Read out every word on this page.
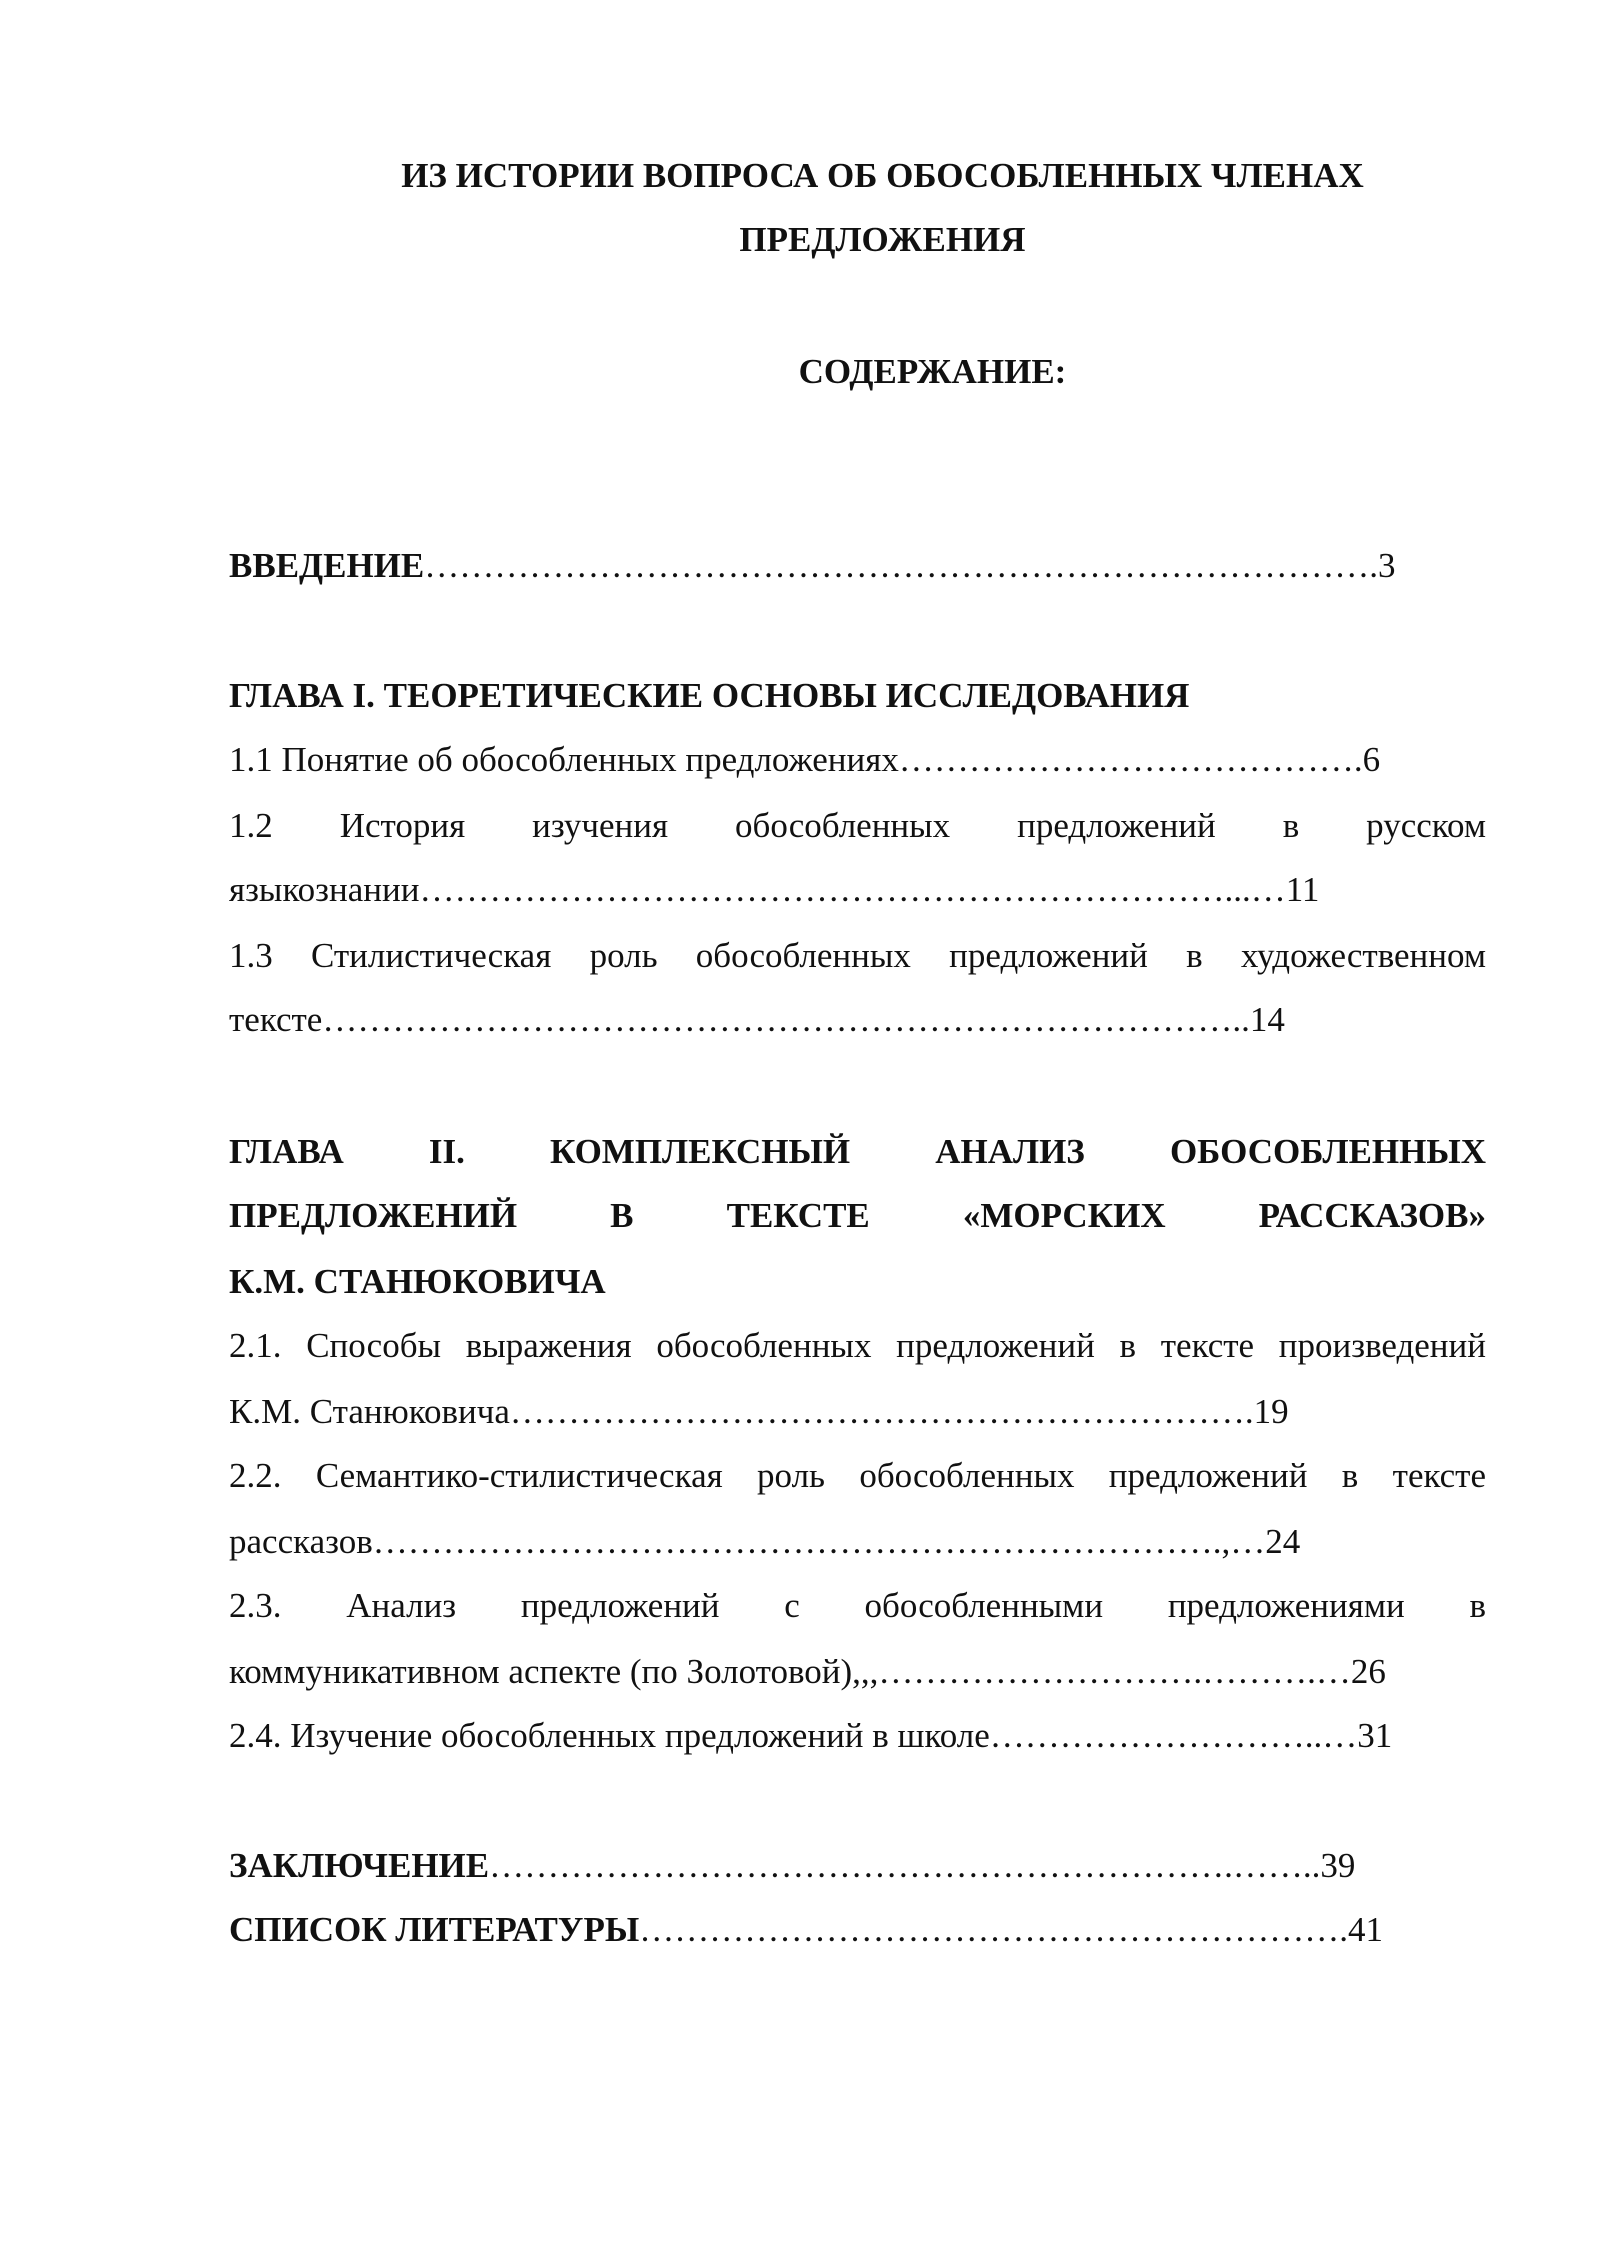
ИЗ ИСТОРИИ ВОПРОСА ОБ ОБОСОБЛЕННЫХ ЧЛЕНАХ
ПРЕДЛОЖЕНИЯ
СОДЕРЖАНИЕ:
ВВЕДЕНИЕ……………………………………………………………………….3
ГЛАВА I. ТЕОРЕТИЧЕСКИЕ ОСНОВЫ ИССЛЕДОВАНИЯ
1.1 Понятие об обособленных предложениях………………………………….6
1.2 История изучения обособленных предложений в русском
языкознании……………………………………………………………...…11
1.3 Стилистическая роль обособленных предложений в художественном
тексте……………………………………………………………………..14
ГЛАВА II. КОМПЛЕКСНЫЙ АНАЛИЗ ОБОСОБЛЕННЫХ
ПРЕДЛОЖЕНИЙ В ТЕКСТЕ «МОРСКИХ РАССКАЗОВ»
К.М. СТАНЮКОВИЧА
2.1. Способы выражения обособленных предложений в тексте произведений
К.М. Станюковича……………………………………………………….19
2.2. Семантико-стилистическая роль обособленных предложений в тексте
рассказов……………………………………………………………….,…24
2.3. Анализ предложений с обособленными предложениями в
коммуникативном аспекте (по Золотовой),,,……………………….……….…26
2.4. Изучение обособленных предложений в школе………………………..…31
ЗАКЛЮЧЕНИЕ……………………………………………………….……..39
СПИСОК ЛИТЕРАТУРЫ…………………………………………………….41
